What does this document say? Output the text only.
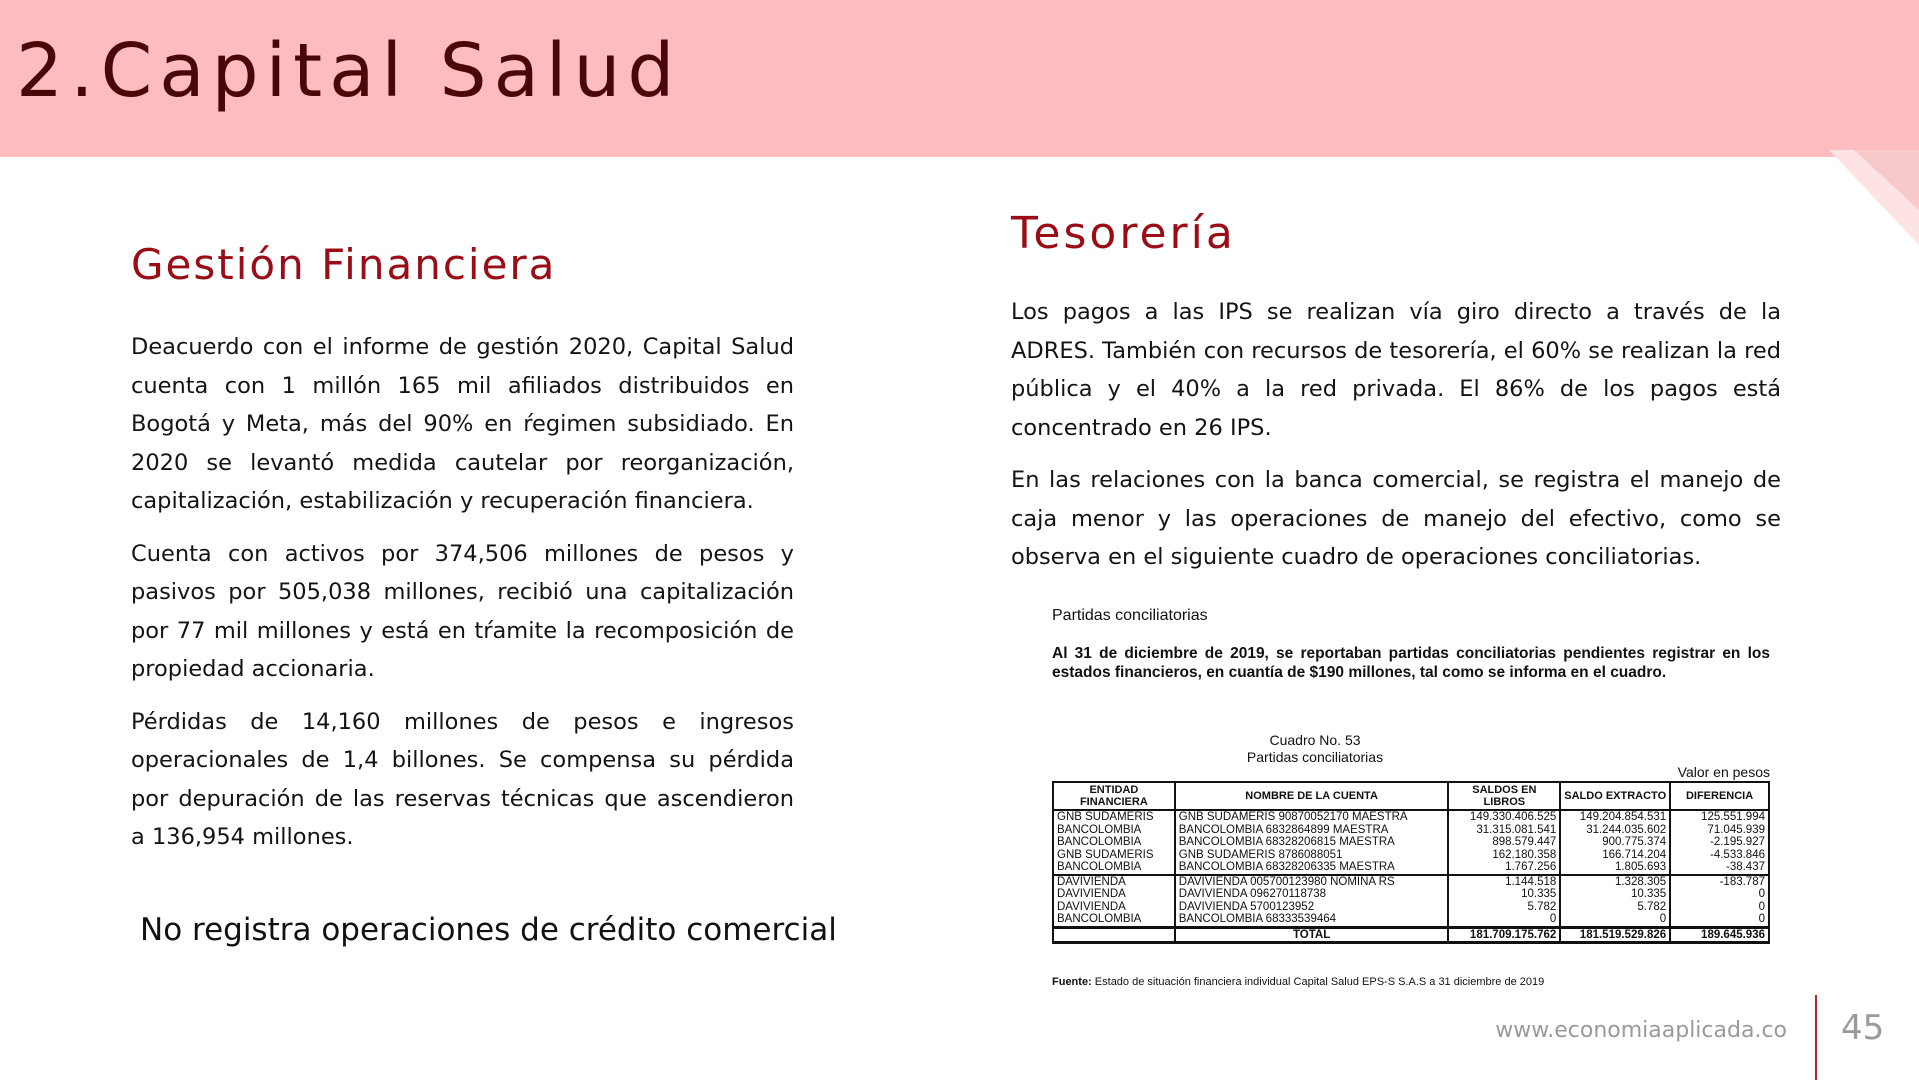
2.Capital Salud
Gestión Financiera

Deacuerdo con el informe de gestión 2020, Capital Salud cuenta con 1 millón 165 mil afiliados distribuidos en Bogotá y Meta, más del 90% en ŕegimen subsidiado. En 2020 se levantó medida cautelar por reorganización, capitalización, estabilización y recuperación financiera.

Cuenta con activos por 374,506 millones de pesos y pasivos por 505,038 millones, recibió una capitalización por 77 mil millones y está en tŕamite la recomposición de propiedad accionaria.

Pérdidas de 14,160 millones de pesos e ingresos operacionales de 1,4 billones. Se compensa su pérdida por depuración de las reservas técnicas que ascendieron a 136,954 millones.

No registra operaciones de crédito comercial

Tesorería

Los pagos a las IPS se realizan vía giro directo a través de la ADRES. También con recursos de tesorería, el 60% se realizan la red pública y el 40% a la red privada. El 86% de los pagos está concentrado en 26 IPS.

En las relaciones con la banca comercial, se registra el manejo de caja menor y las operaciones de manejo del efectivo, como se observa en el siguiente cuadro de operaciones conciliatorias.

Partidas conciliatorias

Al 31 de diciembre de 2019, se reportaban partidas conciliatorias pendientes registrar en los estados financieros, en cuantía de $190 millones, tal como se informa en el cuadro.

Cuadro No. 53

Partidas conciliatorias

Valor en pesos

ENTIDAD FINANCIERA	NOMBRE DE LA CUENTA	SALDOS EN LIBROS	SALDO EXTRACTO	DIFERENCIA
GNB SUDAMERIS	GNB SUDAMERIS 90870052170 MAESTRA	149.330.406.525	149.204.854.531	125.551.994
BANCOLOMBIA	BANCOLOMBIA 6832864899 MAESTRA	31.315.081.541	31.244.035.602	71.045.939
BANCOLOMBIA	BANCOLOMBIA 68328206815 MAESTRA	898.579.447	900.775.374	-2.195.927
GNB SUDAMERIS	GNB SUDAMERIS 8786088051	162.180.358	166.714.204	-4.533.846
BANCOLOMBIA	BANCOLOMBIA 68328206335 MAESTRA	1.767.256	1.805.693	-38.437
DAVIVIENDA	DAVIVIENDA 005700123980 NOMINA RS	1.144.518	1.328.305	-183.787
DAVIVIENDA	DAVIVIENDA 096270118738	10.335	10.335	0
DAVIVIENDA	DAVIVIENDA 5700123952	5.782	5.782	0
BANCOLOMBIA	BANCOLOMBIA 68333539464	0	0	0
	TOTAL	181.709.175.762	181.519.529.826	189.645.936

Fuente: Estado de situación financiera individual Capital Salud EPS-S S.A.S a 31 diciembre de 2019

www.economiaaplicada.co 45
